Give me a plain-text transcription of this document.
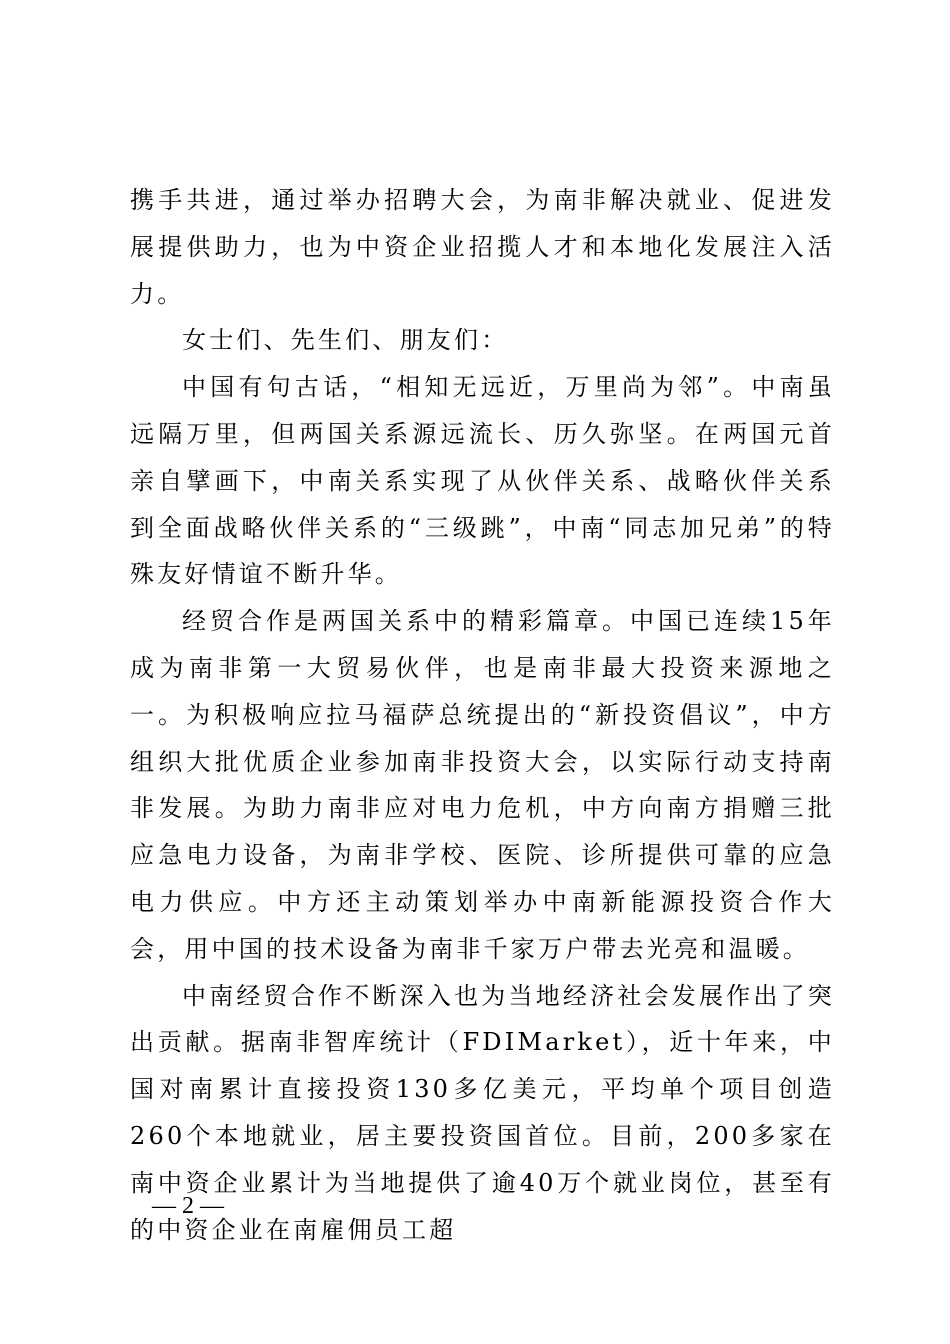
携手共进，通过举办招聘大会，为南非解决就业、促进发展提供助力，也为中资企业招揽人才和本地化发展注入活力。

女士们、先生们、朋友们：

中国有句古话，“相知无远近，万里尚为邻”。中南虽远隔万里，但两国关系源远流长、历久弥坚。在两国元首亲自擘画下，中南关系实现了从伙伴关系、战略伙伴关系到全面战略伙伴关系的“三级跳”，中南“同志加兄弟”的特殊友好情谊不断升华。

经贸合作是两国关系中的精彩篇章。中国已连续15年成为南非第一大贸易伙伴，也是南非最大投资来源地之一。为积极响应拉马福萨总统提出的“新投资倡议”，中方组织大批优质企业参加南非投资大会，以实际行动支持南非发展。为助力南非应对电力危机，中方向南方捐赠三批应急电力设备，为南非学校、医院、诊所提供可靠的应急电力供应。中方还主动策划举办中南新能源投资合作大会，用中国的技术设备为南非千家万户带去光亮和温暖。

中南经贸合作不断深入也为当地经济社会发展作出了突出贡献。据南非智库统计（FDIMarket），近十年来，中国对南累计直接投资130多亿美元，平均单个项目创造260个本地就业，居主要投资国首位。目前，200多家在南中资企业累计为当地提供了逾40万个就业岗位，甚至有的中资企业在南雇佣员工超

— 2 —
